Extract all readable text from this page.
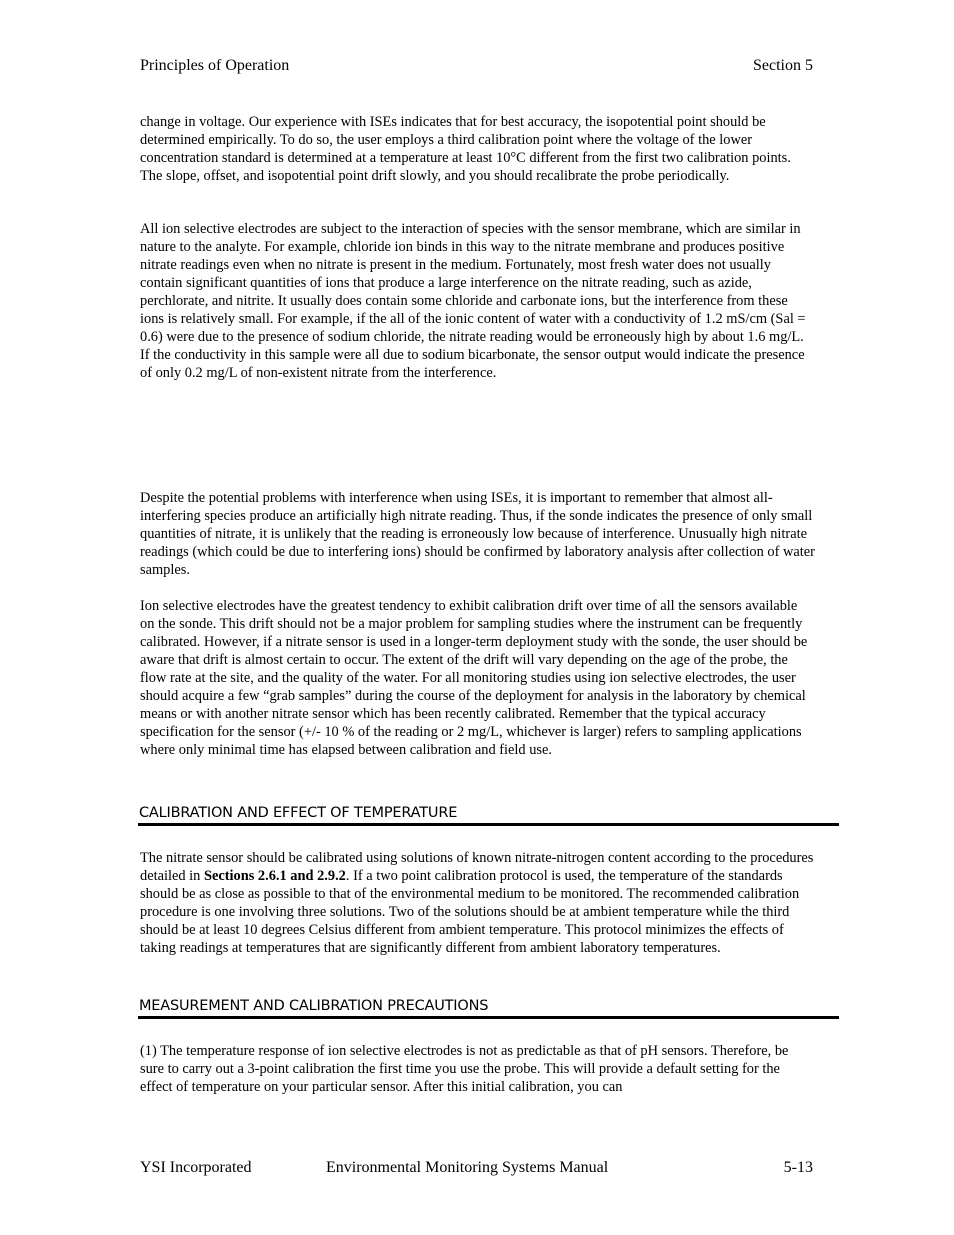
Principles of Operation	Section 5

change in voltage. Our experience with ISEs indicates that for best accuracy, the isopotential point should be determined empirically. To do so, the user employs a third calibration point where the voltage of the lower concentration standard is determined at a temperature at least 10°C different from the first two calibration points. The slope, offset, and isopotential point drift slowly, and you should recalibrate the probe periodically.

All ion selective electrodes are subject to the interaction of species with the sensor membrane, which are similar in nature to the analyte. For example, chloride ion binds in this way to the nitrate membrane and produces positive nitrate readings even when no nitrate is present in the medium. Fortunately, most fresh water does not usually contain significant quantities of ions that produce a large interference on the nitrate reading, such as azide, perchlorate, and nitrite. It usually does contain some chloride and carbonate ions, but the interference from these ions is relatively small. For example, if the all of the ionic content of water with a conductivity of 1.2 mS/cm (Sal = 0.6) were due to the presence of sodium chloride, the nitrate reading would be erroneously high by about 1.6 mg/L. If the conductivity in this sample were all due to sodium bicarbonate, the sensor output would indicate the presence of only 0.2 mg/L of non-existent nitrate from the interference.

Despite the potential problems with interference when using ISEs, it is important to remember that almost all-interfering species produce an artificially high nitrate reading. Thus, if the sonde indicates the presence of only small quantities of nitrate, it is unlikely that the reading is erroneously low because of interference. Unusually high nitrate readings (which could be due to interfering ions) should be confirmed by laboratory analysis after collection of water samples.

Ion selective electrodes have the greatest tendency to exhibit calibration drift over time of all the sensors available on the sonde. This drift should not be a major problem for sampling studies where the instrument can be frequently calibrated. However, if a nitrate sensor is used in a longer-term deployment study with the sonde, the user should be aware that drift is almost certain to occur. The extent of the drift will vary depending on the age of the probe, the flow rate at the site, and the quality of the water. For all monitoring studies using ion selective electrodes, the user should acquire a few “grab samples” during the course of the deployment for analysis in the laboratory by chemical means or with another nitrate sensor which has been recently calibrated. Remember that the typical accuracy specification for the sensor (+/- 10 % of the reading or 2 mg/L, whichever is larger) refers to sampling applications where only minimal time has elapsed between calibration and field use.

CALIBRATION AND EFFECT OF TEMPERATURE

The nitrate sensor should be calibrated using solutions of known nitrate-nitrogen content according to the procedures detailed in Sections 2.6.1 and 2.9.2. If a two point calibration protocol is used, the temperature of the standards should be as close as possible to that of the environmental medium to be monitored. The recommended calibration procedure is one involving three solutions. Two of the solutions should be at ambient temperature while the third should be at least 10 degrees Celsius different from ambient temperature. This protocol minimizes the effects of taking readings at temperatures that are significantly different from ambient laboratory temperatures.

MEASUREMENT AND CALIBRATION PRECAUTIONS

(1) The temperature response of ion selective electrodes is not as predictable as that of pH sensors. Therefore, be sure to carry out a 3-point calibration the first time you use the probe. This will provide a default setting for the effect of temperature on your particular sensor. After this initial calibration, you can

YSI Incorporated	Environmental Monitoring Systems Manual	5-13
